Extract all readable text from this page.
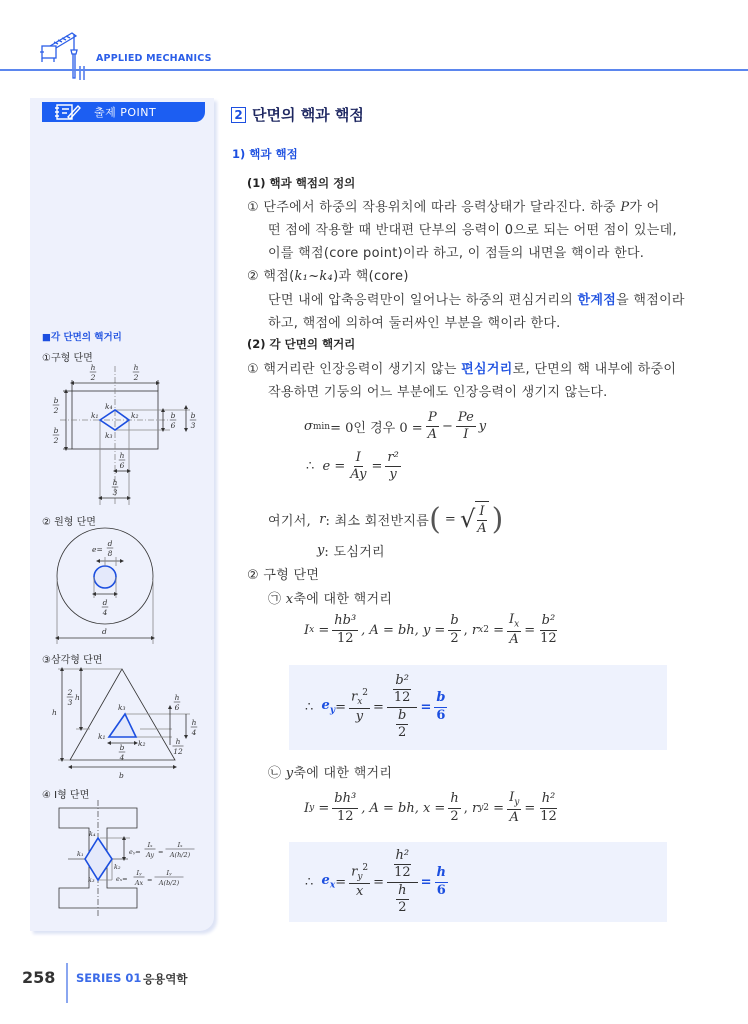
APPLIED MECHANICS
출제 POINT
■각 단면의 핵거리
①구형 단면
② 원형 단면
③삼각형 단면
④ I형 단면
h
2
h
2
b
2
b
2
b
6
b
3
h
6
h
3
k₁	k₂
k₃
k₄
e=
d
8
d
4
d
h
2
3
h	h
6
h
4
h
12
b
4
b
k₁
k₂
k₃
k₁
k₂
k₃
k₄
eᵧ=
Iₓ
Ay =
Iₓ
A(h/2)
eₓ=
Iᵧ
Ax =
Iᵧ
A(b/2)
2 단면의 핵과 핵점
1) 핵과 핵점
(1) 핵과 핵점의 정의
① 단주에서 하중의 작용위치에 따라 응력상태가 달라진다. 하중 P가 어
떤 점에 작용할 때 반대편 단부의 응력이 0으로 되는 어떤 점이 있는데,
이를 핵점(core point)이라 하고, 이 점들의 내면을 핵이라 한다.
② 핵점(k₁~k₄)과 핵(core)
단면 내에 압축응력만이 일어나는 하중의 편심거리의 한계점을 핵점이라
하고, 핵점에 의하여 둘러싸인 부분을 핵이라 한다.
(2) 각 단면의 핵거리
① 핵거리란 인장응력이 생기지 않는 편심거리로, 단면의 핵 내부에 하중이
작용하면 기둥의 어느 부분에도 인장응력이 생기지 않는다.
σ min = 0인 경우 $0 = \frac{P}{A} - \frac{Pe}{I}$ y
∴
$e = \frac{I}{Ay} = \frac{\text{r²}}{y}$
여기서,
r : 최소 회전반지름 (
=
√ I
A )
y : 도심거리
② 구형 단면
㉠ x축에 대한 핵거리
I x
= $\frac{\text{hb³}}{12}$ , A = bh, $y = \frac{b}{2}$ ,
r x 2
= $\frac{I_x}{A} = \frac{\text{b²}}{12}$
∴
$e_y = \frac{r_x^2}{y} = \frac{\frac{\text{b²}}{12}}{\frac{b}{2}} = \frac{b}{6}$
㉡ y축에 대한 핵거리
I y
= $\frac{\text{bh³}}{12}$ , A = bh, $x = \frac{h}{2}$ ,
r y 2
= $\frac{I_y}{A} = \frac{\text{h²}}{12}$
∴
$e_x = \frac{r_y^2}{x} = \frac{\frac{\text{h²}}{12}}{\frac{h}{2}} = \frac{h}{6}$
258 SERIES 01 응용역학
